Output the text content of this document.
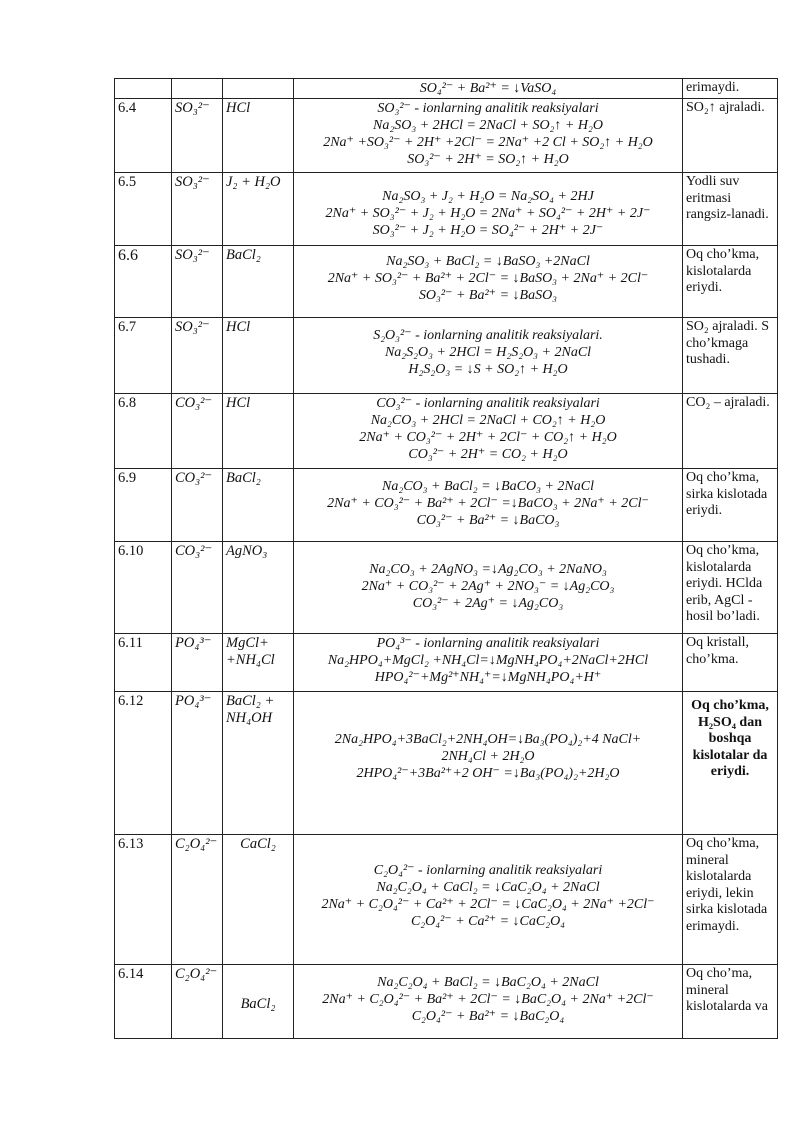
			SO₄²⁻ + Ba²⁺ = ↓VaSO₄	erimaydi.
6.4	SO₃²⁻	HCl	SO₃²⁻ - ionlarning analitik reaksiyalari
Na₂SO₃ + 2HCl = 2NaCl + SO₂↑ + H₂O
2Na⁺ +SO₃²⁻ + 2H⁺ +2Cl⁻ = 2Na⁺ +2 Cl + SO₂↑ + H₂O
SO₃²⁻ + 2H⁺ = SO₂↑ + H₂O	SO₂↑ ajraladi.
6.5	SO₃²⁻	J₂ + H₂O	Na₂SO₃ + J₂ + H₂O = Na₂SO₄ + 2HJ
2Na⁺ + SO₃²⁻ + J₂ + H₂O = 2Na⁺ + SO₄²⁻ + 2H⁺ + 2J⁻
SO₃²⁻ + J₂ + H₂O = SO₄²⁻ + 2H⁺ + 2J⁻	Yodli suv eritmasi rangsiz-lanadi.
6.6	SO₃²⁻	BaCl₂	Na₂SO₃ + BaCl₂ = ↓BaSO₃ +2NaCl
2Na⁺ + SO₃²⁻ + Ba²⁺ + 2Cl⁻ = ↓BaSO₃ + 2Na⁺ + 2Cl⁻
SO₃²⁻ + Ba²⁺ = ↓BaSO₃	Oq cho’kma, kislotalarda eriydi.
6.7	SO₃²⁻	HCl	S₂O₃²⁻ - ionlarning analitik reaksiyalari.
Na₂S₂O₃ + 2HCl = H₂S₂O₃ + 2NaCl
H₂S₂O₃ = ↓S + SO₂↑ + H₂O	SO₂ ajraladi. S cho’kmaga tushadi.
6.8	CO₃²⁻	HCl	CO₃²⁻ - ionlarning analitik reaksiyalari
Na₂CO₃ + 2HCl = 2NaCl + CO₂↑ + H₂O
2Na⁺ + CO₃²⁻ + 2H⁺ + 2Cl⁻ + CO₂↑ + H₂O
CO₃²⁻ + 2H⁺ = CO₂ + H₂O	CO₂ – ajraladi.
6.9	CO₃²⁻	BaCl₂	Na₂CO₃ + BaCl₂ = ↓BaCO₃ + 2NaCl
2Na⁺ + CO₃²⁻ + Ba²⁺ + 2Cl⁻ =↓BaCO₃ + 2Na⁺ + 2Cl⁻
CO₃²⁻ + Ba²⁺ = ↓BaCO₃	Oq cho’kma, sirka kislotada eriydi.
6.10	CO₃²⁻	AgNO₃	Na₂CO₃ + 2AgNO₃ =↓Ag₂CO₃ + 2NaNO₃
2Na⁺ + CO₃²⁻ + 2Ag⁺ + 2NO₃⁻ = ↓Ag₂CO₃
CO₃²⁻ + 2Ag⁺ = ↓Ag₂CO₃	Oq cho’kma, kislotalarda eriydi. HClda erib, AgCl -hosil bo’ladi.
6.11	PO₄³⁻	MgCl+ +NH₄Cl	PO₄³⁻ - ionlarning analitik reaksiyalari
Na₂HPO₄+MgCl₂ +NH₄Cl=↓MgNH₄PO₄+2NaCl+2HCl
HPO₄²⁻+Mg²⁺NH₄⁺=↓MgNH₄PO₄+H⁺	Oq kristall, cho’kma.
6.12	PO₄³⁻	BaCl₂ + NH₄OH	2Na₂HPO₄+3BaCl₂+2NH₄OH=↓Ba₃(PO₄)₂+4 NaCl+
2NH₄Cl + 2H₂O
2HPO₄²⁻+3Ba²⁺+2 OH⁻ =↓Ba₃(PO₄)₂+2H₂O	Oq cho’kma, H₂SO₄ dan boshqa kislotalar da eriydi.
6.13	C₂O₄²⁻	CaCl₂	C₂O₄²⁻ - ionlarning analitik reaksiyalari
Na₂C₂O₄ + CaCl₂ = ↓CaC₂O₄ + 2NaCl
2Na⁺ + C₂O₄²⁻ + Ca²⁺ + 2Cl⁻ = ↓CaC₂O₄ + 2Na⁺ +2Cl⁻
C₂O₄²⁻ + Ca²⁺ = ↓CaC₂O₄	Oq cho’kma, mineral kislotalarda eriydi, lekin sirka kislotada erimaydi.
6.14	C₂O₄²⁻	BaCl₂	Na₂C₂O₄ + BaCl₂ = ↓BaC₂O₄ + 2NaCl
2Na⁺ + C₂O₄²⁻ + Ba²⁺ + 2Cl⁻ = ↓BaC₂O₄ + 2Na⁺ +2Cl⁻
C₂O₄²⁻ + Ba²⁺ = ↓BaC₂O₄	Oq cho’ma, mineral kislotalarda va
